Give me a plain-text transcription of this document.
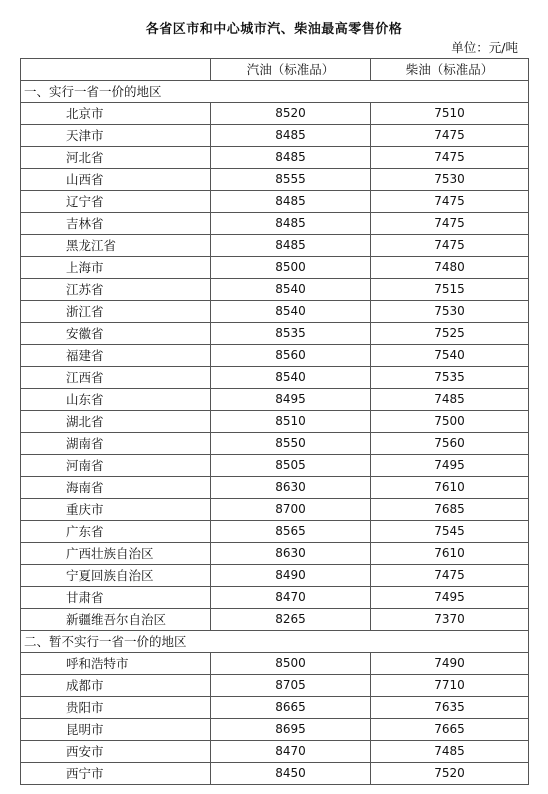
各省区市和中心城市汽、柴油最高零售价格
单位：元/吨
	汽油（标准品）	柴油（标准品）
一、实行一省一价的地区		
北京市	8520	7510
天津市	8485	7475
河北省	8485	7475
山西省	8555	7530
辽宁省	8485	7475
吉林省	8485	7475
黑龙江省	8485	7475
上海市	8500	7480
江苏省	8540	7515
浙江省	8540	7530
安徽省	8535	7525
福建省	8560	7540
江西省	8540	7535
山东省	8495	7485
湖北省	8510	7500
湖南省	8550	7560
河南省	8505	7495
海南省	8630	7610
重庆市	8700	7685
广东省	8565	7545
广西壮族自治区	8630	7610
宁夏回族自治区	8490	7475
甘肃省	8470	7495
新疆维吾尔自治区	8265	7370
二、暂不实行一省一价的地区		
呼和浩特市	8500	7490
成都市	8705	7710
贵阳市	8665	7635
昆明市	8695	7665
西安市	8470	7485
西宁市	8450	7520
